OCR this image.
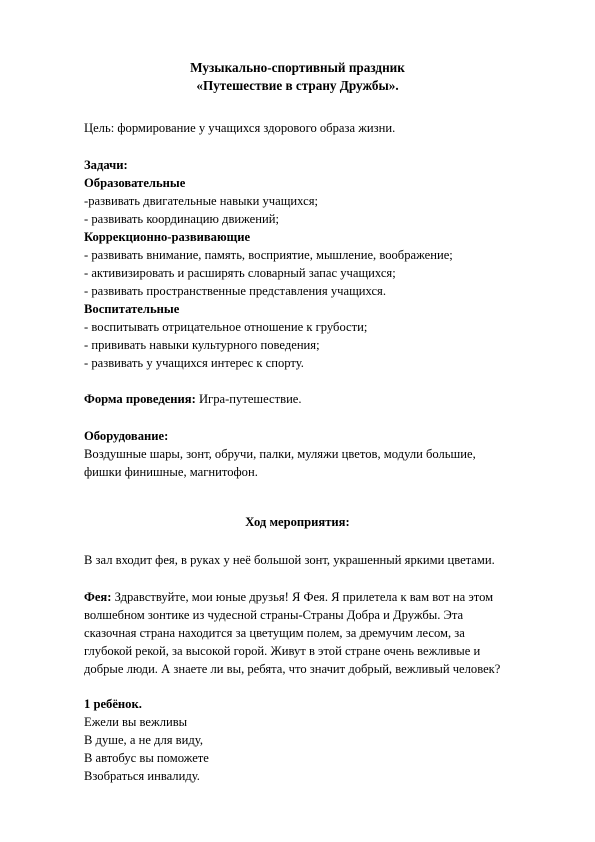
Музыкально-спортивный праздник
«Путешествие в страну Дружбы».
Цель: формирование у учащихся здорового образа жизни.
Задачи:
Образовательные
-развивать двигательные навыки учащихся;
- развивать координацию движений;
Коррекционно-развивающие
- развивать внимание, память, восприятие, мышление, воображение;
- активизировать и расширять словарный запас учащихся;
- развивать пространственные представления учащихся.
Воспитательные
- воспитывать отрицательное отношение к грубости;
- прививать навыки культурного поведения;
- развивать у учащихся интерес к спорту.
Форма проведения: Игра-путешествие.
Оборудование:
Воздушные шары, зонт, обручи, палки, муляжи цветов, модули большие,
фишки финишные, магнитофон.
Ход мероприятия:
В зал входит фея, в руках у неё большой зонт, украшенный яркими цветами.
Фея: Здравствуйте, мои юные друзья! Я Фея. Я прилетела к вам вот на этом
волшебном зонтике из чудесной страны-Страны Добра и Дружбы. Эта
сказочная страна находится за цветущим полем, за дремучим лесом, за
глубокой рекой, за высокой горой. Живут в этой стране очень вежливые и
добрые люди. А знаете ли вы, ребята, что значит добрый, вежливый человек?
1 ребёнок.
Ежели вы вежливы
В душе, а не для виду,
В автобус вы поможете
Взобраться инвалиду.
